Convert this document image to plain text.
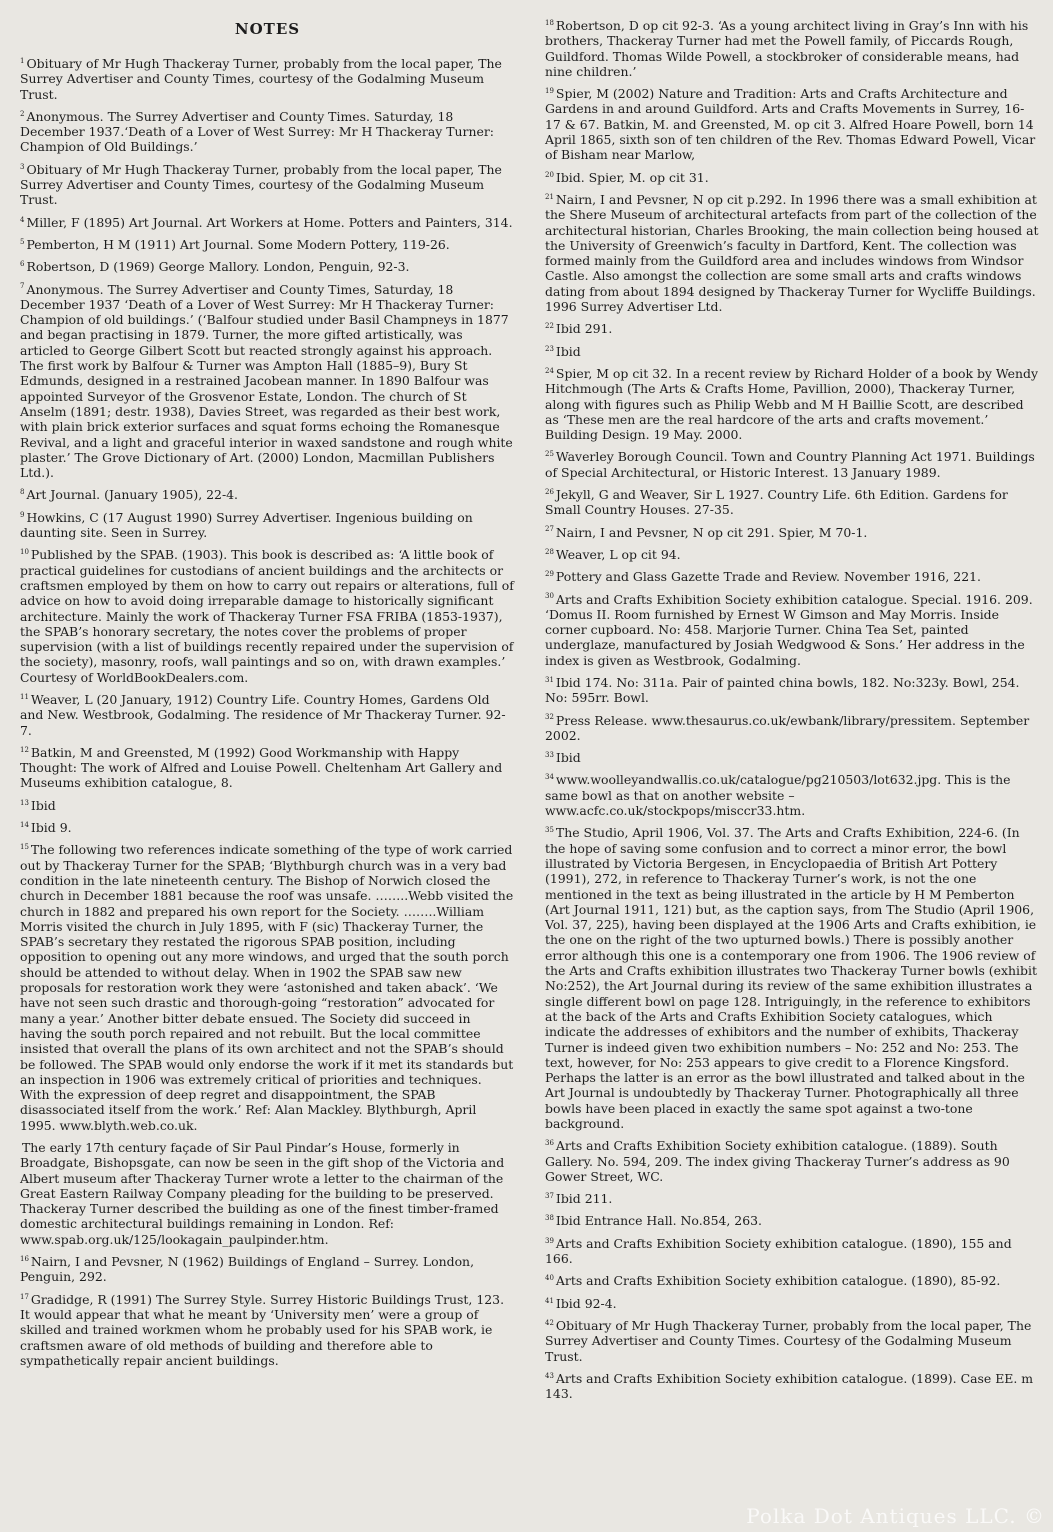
NOTES

$^1$ Obituary of Mr Hugh Thackeray Turner, probably from the local paper, The Surrey Advertiser and County Times, courtesy of the Godalming Museum Trust.

$^2$ Anonymous. The Surrey Advertiser and County Times. Saturday, 18 December 1937.‘Death of a Lover of West Surrey: Mr H Thackeray Turner: Champion of Old Buildings.’

$^3$ Obituary of Mr Hugh Thackeray Turner, probably from the local paper, The Surrey Advertiser and County Times, courtesy of the Godalming Museum Trust.

$^4$ Miller, F (1895) Art Journal. Art Workers at Home. Potters and Painters, 314.

$^5$ Pemberton, H M (1911) Art Journal. Some Modern Pottery, 119-26.

$^6$ Robertson, D (1969) George Mallory. London, Penguin, 92-3.

$^7$ Anonymous. The Surrey Advertiser and County Times, Saturday, 18 December 1937 ‘Death of a Lover of West Surrey: Mr H Thackeray Turner: Champion of old buildings.’ (‘Balfour studied under Basil Champneys in 1877 and began practising in 1879. Turner, the more gifted artistically, was articled to George Gilbert Scott but reacted strongly against his approach. The first work by Balfour & Turner was Ampton Hall (1885–9), Bury St Edmunds, designed in a restrained Jacobean manner. In 1890 Balfour was appointed Surveyor of the Grosvenor Estate, London. The church of St Anselm (1891; destr. 1938), Davies Street, was regarded as their best work, with plain brick exterior surfaces and squat forms echoing the Romanesque Revival, and a light and graceful interior in waxed sandstone and rough white plaster.’ The Grove Dictionary of Art. (2000) London, Macmillan Publishers Ltd.).

$^8$ Art Journal. (January 1905), 22-4.

$^9$ Howkins, C (17 August 1990) Surrey Advertiser. Ingenious building on daunting site. Seen in Surrey.

$^{10}$ Published by the SPAB. (1903). This book is described as: ‘A little book of practical guidelines for custodians of ancient buildings and the architects or craftsmen employed by them on how to carry out repairs or alterations, full of advice on how to avoid doing irreparable damage to historically significant architecture. Mainly the work of Thackeray Turner FSA FRIBA (1853-1937), the SPAB’s honorary secretary, the notes cover the problems of proper supervision (with a list of buildings recently repaired under the supervision of the society), masonry, roofs, wall paintings and so on, with drawn examples.’ Courtesy of WorldBookDealers.com.

$^{11}$ Weaver, L (20 January, 1912) Country Life. Country Homes, Gardens Old and New. Westbrook, Godalming. The residence of Mr Thackeray Turner. 92-7.

$^{12}$ Batkin, M and Greensted, M (1992) Good Workmanship with Happy Thought: The work of Alfred and Louise Powell. Cheltenham Art Gallery and Museums exhibition catalogue, 8.

$^{13}$ Ibid

$^{14}$ Ibid 9.

$^{15}$ The following two references indicate something of the type of work carried out by Thackeray Turner for the SPAB; ‘Blythburgh church was in a very bad condition in the late nineteenth century. The Bishop of Norwich closed the church in December 1881 because the roof was unsafe. ……..Webb visited the church in 1882 and prepared his own report for the Society. ……..William Morris visited the church in July 1895, with F (sic) Thackeray Turner, the SPAB’s secretary they restated the rigorous SPAB position, including opposition to opening out any more windows, and urged that the south porch should be attended to without delay. When in 1902 the SPAB saw new proposals for restoration work they were ‘astonished and taken aback’. ‘We have not seen such drastic and thorough-going “restoration” advocated for many a year.’ Another bitter debate ensued. The Society did succeed in having the south porch repaired and not rebuilt. But the local committee insisted that overall the plans of its own architect and not the SPAB’s should be followed. The SPAB would only endorse the work if it met its standards but an inspection in 1906 was extremely critical of priorities and techniques. With the expression of deep regret and disappointment, the SPAB disassociated itself from the work.’ Ref: Alan Mackley. Blythburgh, April 1995. www.blyth.web.co.uk.

The early 17th century façade of Sir Paul Pindar’s House, formerly in Broadgate, Bishopsgate, can now be seen in the gift shop of the Victoria and Albert museum after Thackeray Turner wrote a letter to the chairman of the Great Eastern Railway Company pleading for the building to be preserved. Thackeray Turner described the building as one of the finest timber-framed domestic architectural buildings remaining in London. Ref: www.spab.org.uk/125/lookagain_paulpinder.htm.

$^{16}$ Nairn, I and Pevsner, N (1962) Buildings of England – Surrey. London, Penguin, 292.

$^{17}$ Gradidge, R (1991) The Surrey Style. Surrey Historic Buildings Trust, 123. It would appear that what he meant by ‘University men’ were a group of skilled and trained workmen whom he probably used for his SPAB work, ie craftsmen aware of old methods of building and therefore able to sympathetically repair ancient buildings.

$^{18}$ Robertson, D op cit 92-3. ‘As a young architect living in Gray’s Inn with his brothers, Thackeray Turner had met the Powell family, of Piccards Rough, Guildford. Thomas Wilde Powell, a stockbroker of considerable means, had nine children.’

$^{19}$ Spier, M (2002) Nature and Tradition: Arts and Crafts Architecture and Gardens in and around Guildford. Arts and Crafts Movements in Surrey, 16-17 & 67. Batkin, M. and Greensted, M. op cit 3. Alfred Hoare Powell, born 14 April 1865, sixth son of ten children of the Rev. Thomas Edward Powell, Vicar of Bisham near Marlow,

$^{20}$ Ibid. Spier, M. op cit 31.

$^{21}$ Nairn, I and Pevsner, N op cit p.292. In 1996 there was a small exhibition at the Shere Museum of architectural artefacts from part of the collection of the architectural historian, Charles Brooking, the main collection being housed at the University of Greenwich’s faculty in Dartford, Kent. The collection was formed mainly from the Guildford area and includes windows from Windsor Castle. Also amongst the collection are some small arts and crafts windows dating from about 1894 designed by Thackeray Turner for Wycliffe Buildings. 1996 Surrey Advertiser Ltd.

$^{22}$ Ibid 291.

$^{23}$ Ibid

$^{24}$ Spier, M op cit 32. In a recent review by Richard Holder of a book by Wendy Hitchmough (The Arts & Crafts Home, Pavillion, 2000), Thackeray Turner, along with figures such as Philip Webb and M H Baillie Scott, are described as ‘These men are the real hardcore of the arts and crafts movement.’ Building Design. 19 May. 2000.

$^{25}$ Waverley Borough Council. Town and Country Planning Act 1971. Buildings of Special Architectural, or Historic Interest. 13 January 1989.

$^{26}$ Jekyll, G and Weaver, Sir L 1927. Country Life. 6th Edition. Gardens for Small Country Houses. 27-35.

$^{27}$ Nairn, I and Pevsner, N op cit 291. Spier, M 70-1.

$^{28}$ Weaver, L op cit 94.

$^{29}$ Pottery and Glass Gazette Trade and Review. November 1916, 221.

$^{30}$ Arts and Crafts Exhibition Society exhibition catalogue. Special. 1916. 209. ‘Domus II. Room furnished by Ernest W Gimson and May Morris. Inside corner cupboard. No: 458. Marjorie Turner. China Tea Set, painted underglaze, manufactured by Josiah Wedgwood & Sons.’ Her address in the index is given as Westbrook, Godalming.

$^{31}$ Ibid 174. No: 311a. Pair of painted china bowls, 182. No:323y. Bowl, 254. No: 595rr. Bowl.

$^{32}$ Press Release. www.thesaurus.co.uk/ewbank/library/pressitem. September 2002.

$^{33}$ Ibid

$^{34}$ www.woolleyandwallis.co.uk/catalogue/pg210503/lot632.jpg. This is the same bowl as that on another website – www.acfc.co.uk/stockpops/misccr33.htm.

$^{35}$ The Studio, April 1906, Vol. 37. The Arts and Crafts Exhibition, 224-6. (In the hope of saving some confusion and to correct a minor error, the bowl illustrated by Victoria Bergesen, in Encyclopaedia of British Art Pottery (1991), 272, in reference to Thackeray Turner’s work, is not the one mentioned in the text as being illustrated in the article by H M Pemberton (Art Journal 1911, 121) but, as the caption says, from The Studio (April 1906, Vol. 37, 225), having been displayed at the 1906 Arts and Crafts exhibition, ie the one on the right of the two upturned bowls.) There is possibly another error although this one is a contemporary one from 1906. The 1906 review of the Arts and Crafts exhibition illustrates two Thackeray Turner bowls (exhibit No:252), the Art Journal during its review of the same exhibition illustrates a single different bowl on page 128. Intriguingly, in the reference to exhibitors at the back of the Arts and Crafts Exhibition Society catalogues, which indicate the addresses of exhibitors and the number of exhibits, Thackeray Turner is indeed given two exhibition numbers – No: 252 and No: 253. The text, however, for No: 253 appears to give credit to a Florence Kingsford. Perhaps the latter is an error as the bowl illustrated and talked about in the Art Journal is undoubtedly by Thackeray Turner. Photographically all three bowls have been placed in exactly the same spot against a two-tone background.

$^{36}$ Arts and Crafts Exhibition Society exhibition catalogue. (1889). South Gallery. No. 594, 209. The index giving Thackeray Turner’s address as 90 Gower Street, WC.

$^{37}$ Ibid 211.

$^{38}$ Ibid Entrance Hall. No.854, 263.

$^{39}$ Arts and Crafts Exhibition Society exhibition catalogue. (1890), 155 and 166.

$^{40}$ Arts and Crafts Exhibition Society exhibition catalogue. (1890), 85-92.

$^{41}$ Ibid 92-4.

$^{42}$ Obituary of Mr Hugh Thackeray Turner, probably from the local paper, The Surrey Advertiser and County Times. Courtesy of the Godalming Museum Trust.

$^{43}$ Arts and Crafts Exhibition Society exhibition catalogue. (1899). Case EE. m 143.

Polka Dot Antiques LLC. ©
